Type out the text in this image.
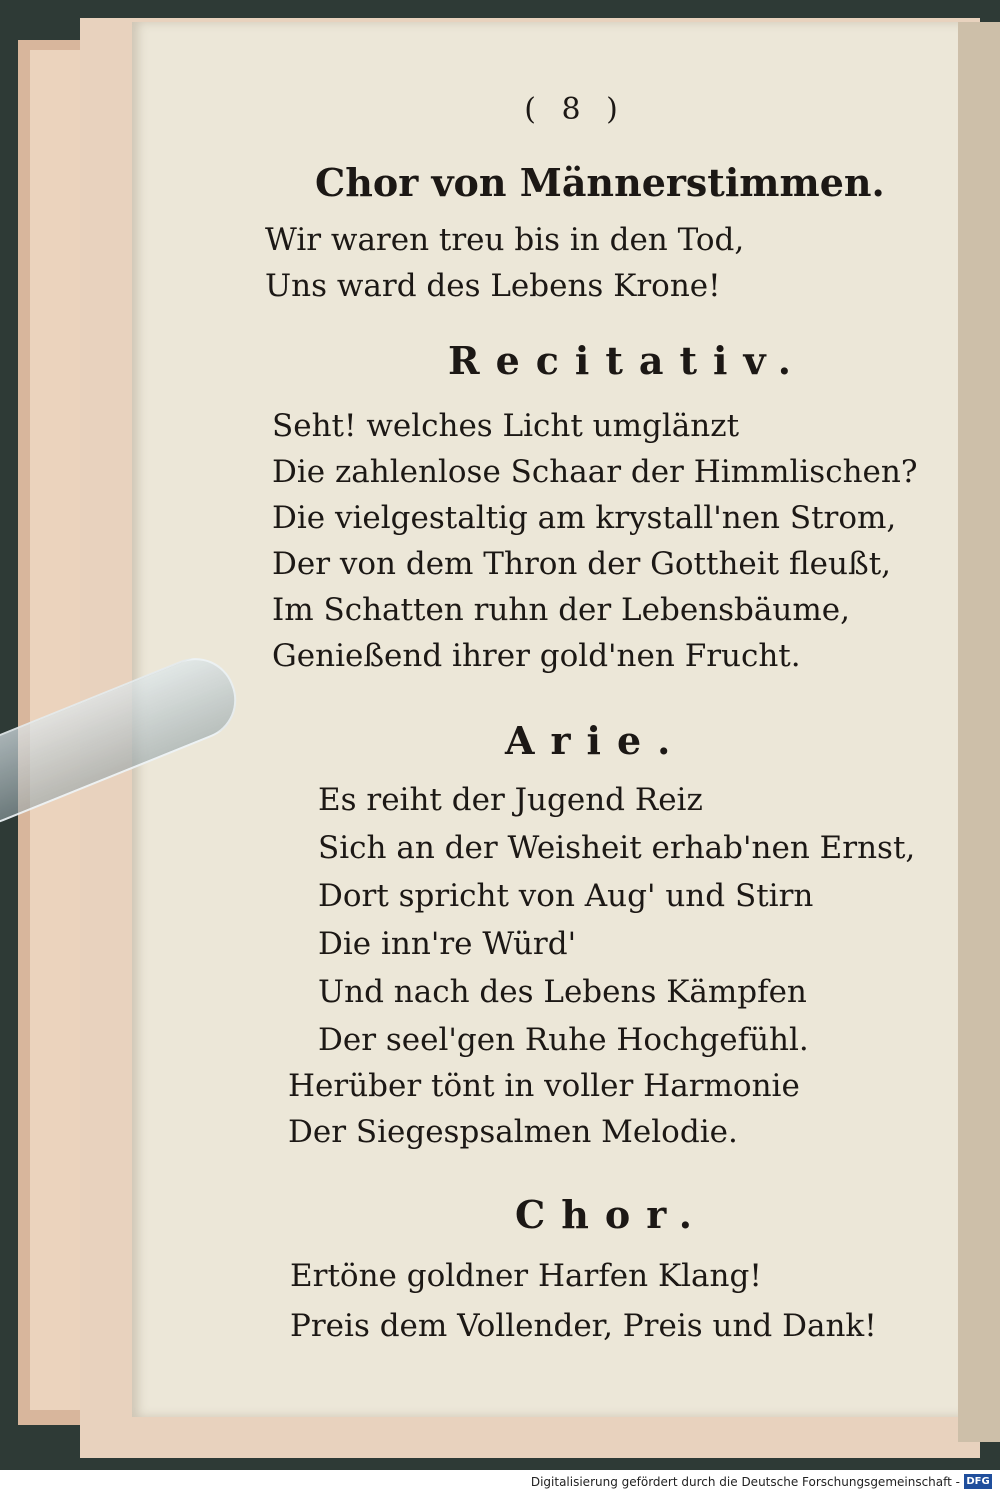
( 8 )
Chor von Männerstimmen.
Wir waren treu bis in den Tod,
Uns ward des Lebens Krone!
Recitativ.
Seht! welches Licht umglänzt
Die zahlenlose Schaar der Himmlischen?
Die vielgestaltig am krystall'nen Strom,
Der von dem Thron der Gottheit fleußt,
Im Schatten ruhn der Lebensbäume,
Genießend ihrer gold'nen Frucht.
Arie.
Es reiht der Jugend Reiz
Sich an der Weisheit erhab'nen Ernst,
Dort spricht von Aug' und Stirn
Die inn're Würd'
Und nach des Lebens Kämpfen
Der seel'gen Ruhe Hochgefühl.
Herüber tönt in voller Harmonie
Der Siegespsalmen Melodie.
Chor.
Ertöne goldner Harfen Klang!
Preis dem Vollender, Preis und Dank!
Digitalisierung gefördert durch die Deutsche Forschungsgemeinschaft - DFG
